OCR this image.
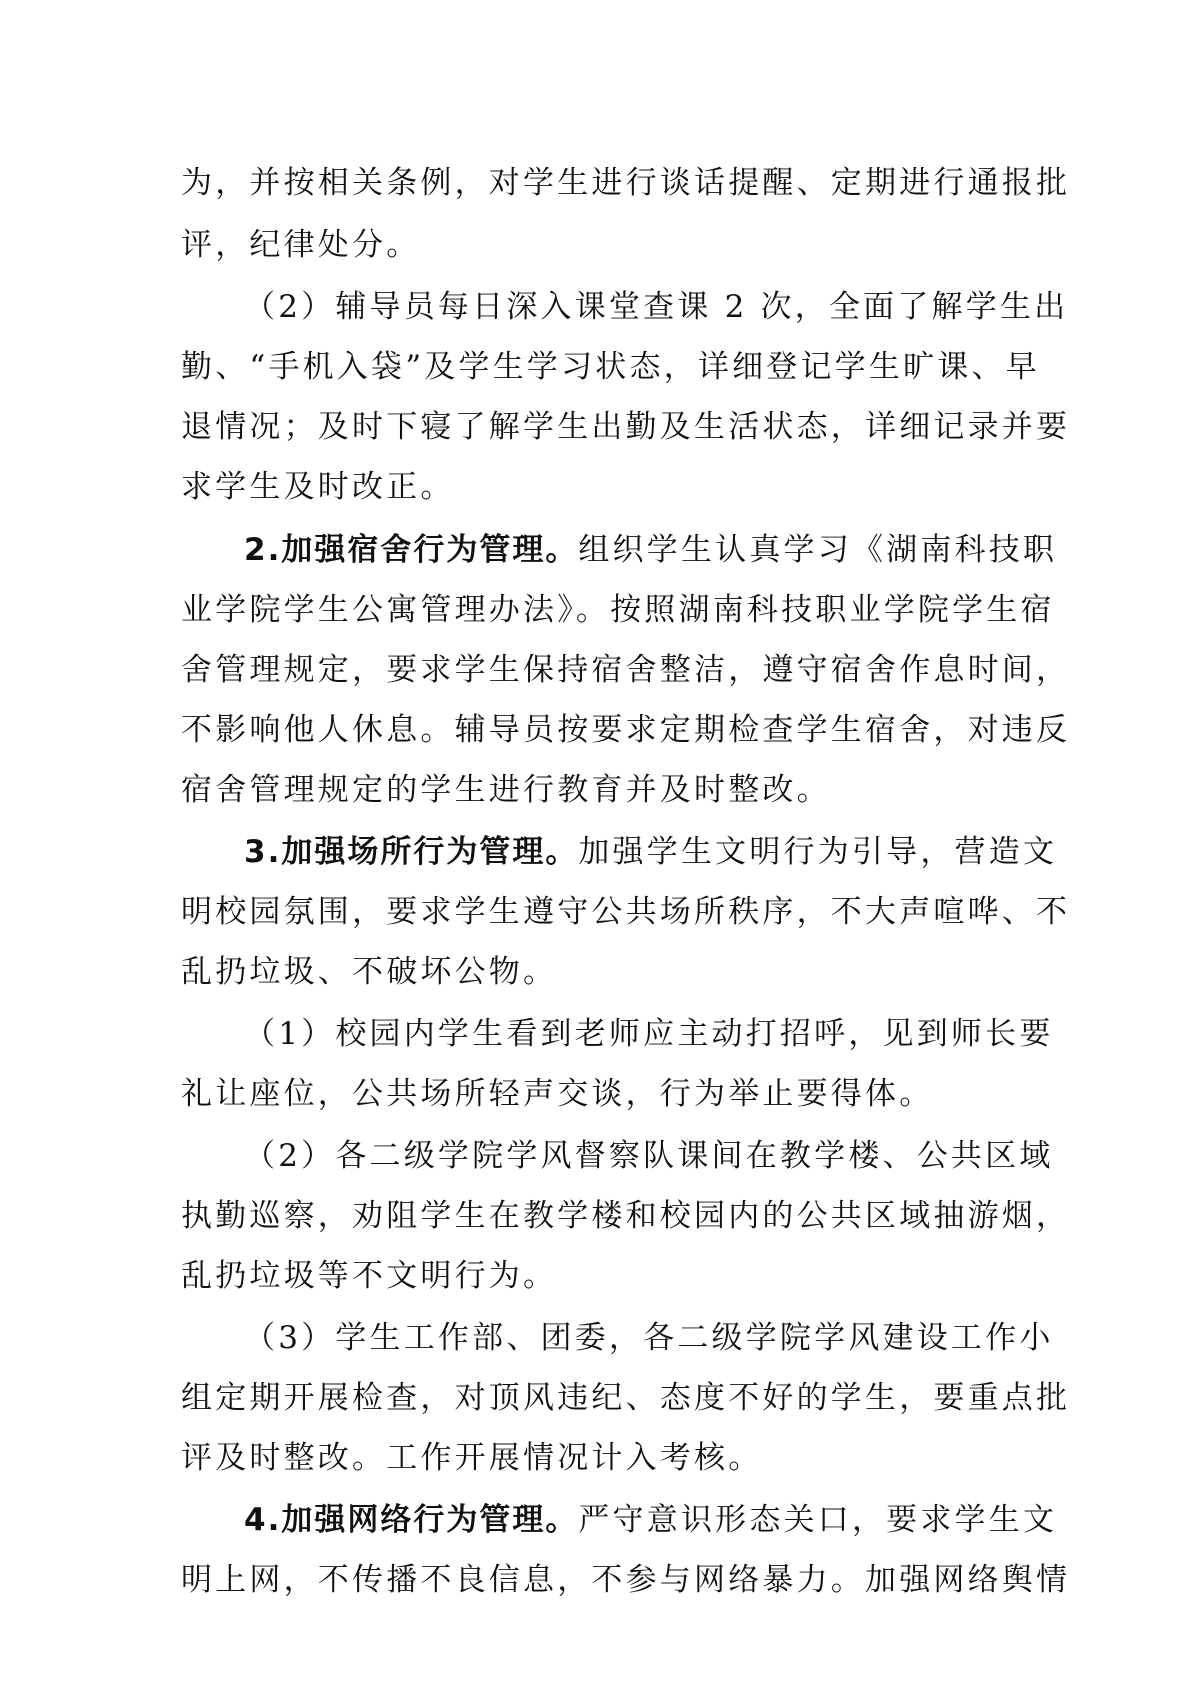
为，并按相关条例，对学生进行谈话提醒、定期进行通报批
评，纪律处分。
（2）辅导员每日深入课堂查课 2 次，全面了解学生出
勤、“手机入袋”及学生学习状态，详细登记学生旷课、早
退情况；及时下寝了解学生出勤及生活状态，详细记录并要
求学生及时改正。
2.加强宿舍行为管理。组织学生认真学习《湖南科技职
业学院学生公寓管理办法》。按照湖南科技职业学院学生宿
舍管理规定，要求学生保持宿舍整洁，遵守宿舍作息时间，
不影响他人休息。辅导员按要求定期检查学生宿舍，对违反
宿舍管理规定的学生进行教育并及时整改。
3.加强场所行为管理。加强学生文明行为引导，营造文
明校园氛围，要求学生遵守公共场所秩序，不大声喧哗、不
乱扔垃圾、不破坏公物。
（1）校园内学生看到老师应主动打招呼，见到师长要
礼让座位，公共场所轻声交谈，行为举止要得体。
（2）各二级学院学风督察队课间在教学楼、公共区域
执勤巡察，劝阻学生在教学楼和校园内的公共区域抽游烟，
乱扔垃圾等不文明行为。
（3）学生工作部、团委，各二级学院学风建设工作小
组定期开展检查，对顶风违纪、态度不好的学生，要重点批
评及时整改。工作开展情况计入考核。
4.加强网络行为管理。严守意识形态关口，要求学生文
明上网，不传播不良信息，不参与网络暴力。加强网络舆情
